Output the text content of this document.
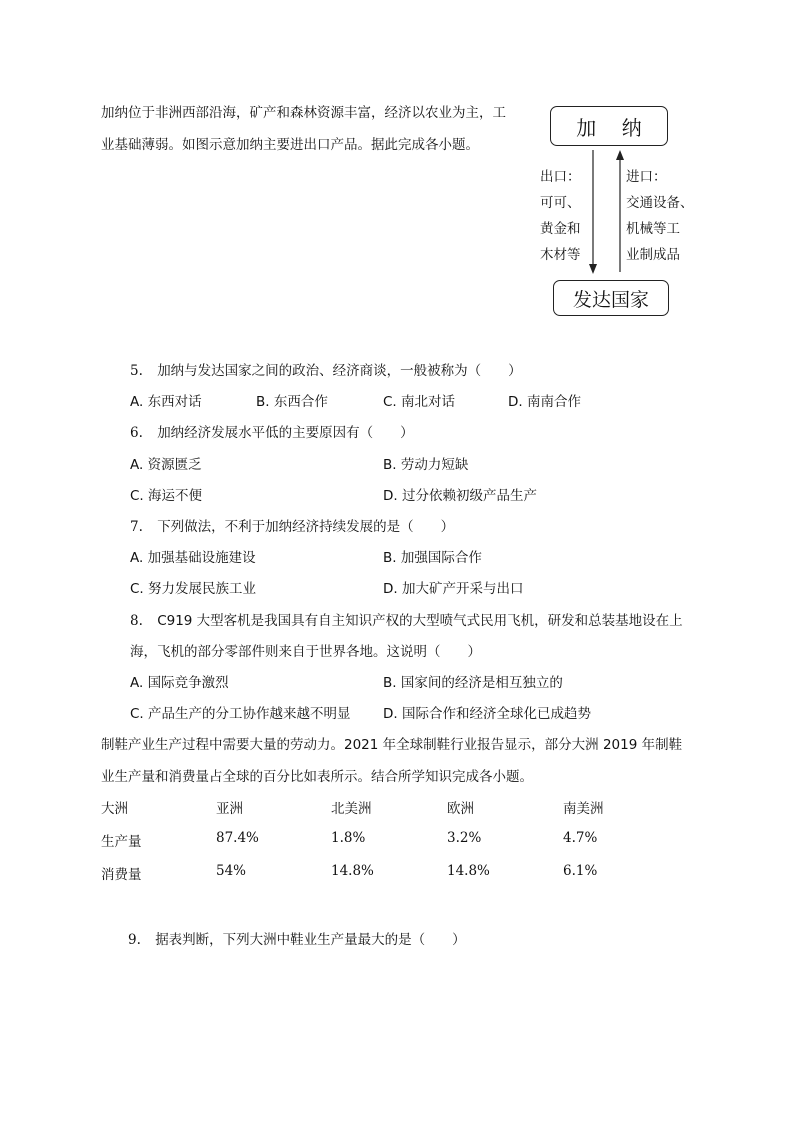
加纳位于非洲西部沿海，矿产和森林资源丰富，经济以农业为主，工
业基础薄弱。如图示意加纳主要进出口产品。据此完成各小题。
加    纳
发达国家
出口：
可可、
黄金和
木材等
进口：
交通设备、
机械等工
业制成品
5. 加纳与发达国家之间的政治、经济商谈，一般被称为（　　）
A. 东西对话	B. 东西合作	C. 南北对话	D. 南南合作
6. 加纳经济发展水平低的主要原因有（　　）
A. 资源匮乏	B. 劳动力短缺
C. 海运不便	D. 过分依赖初级产品生产
7. 下列做法，不利于加纳经济持续发展的是（　　）
A. 加强基础设施建设	B. 加强国际合作
C. 努力发展民族工业	D. 加大矿产开采与出口
8. C919 大型客机是我国具有自主知识产权的大型喷气式民用飞机，研发和总装基地设在上
海，飞机的部分零部件则来自于世界各地。这说明（　　）
A. 国际竞争激烈	B. 国家间的经济是相互独立的
C. 产品生产的分工协作越来越不明显 D. 国际合作和经济全球化已成趋势
制鞋产业生产过程中需要大量的劳动力。2021 年全球制鞋行业报告显示，部分大洲 2019 年制鞋
业生产量和消费量占全球的百分比如表所示。结合所学知识完成各小题。
大洲	亚洲	北美洲	欧洲	南美洲
生产量	87.4%	1.8%	3.2%	4.7%
消费量	54%	14.8%	14.8%	6.1%
9. 据表判断，下列大洲中鞋业生产量最大的是（　　）
